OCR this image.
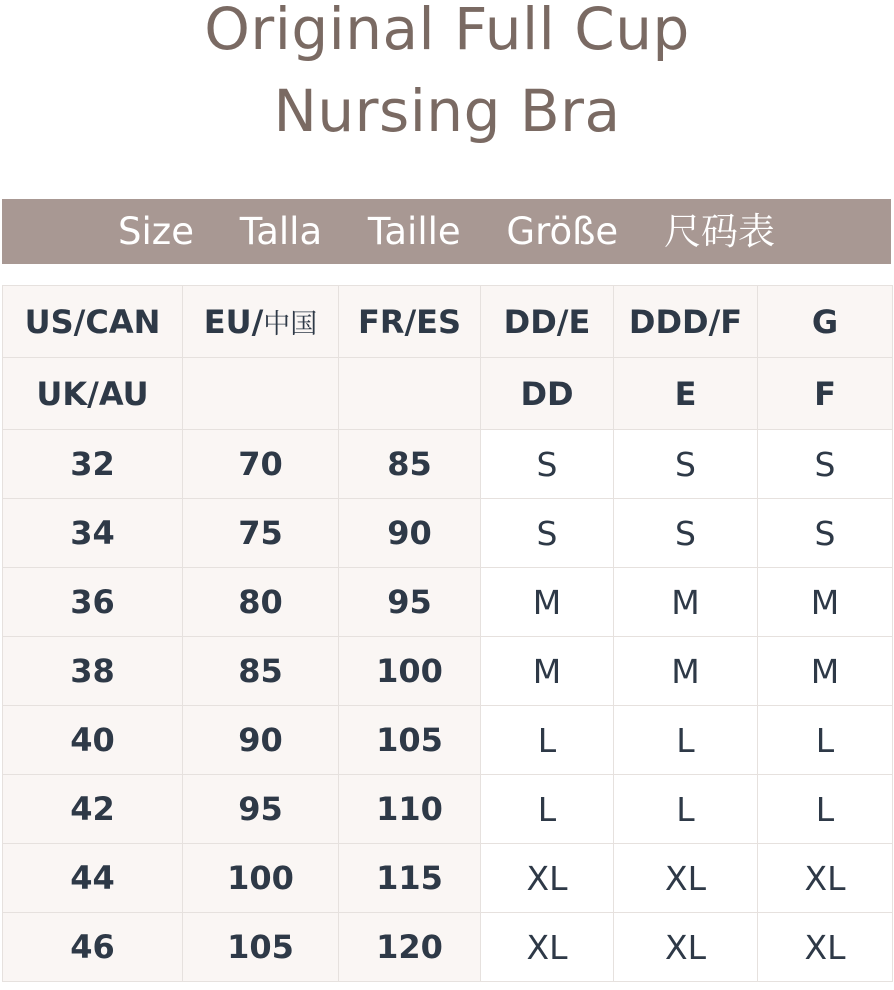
Original Full Cup
Nursing Bra
Size Talla Taille Größe 尺码表
US/CAN	EU/中国	FR/ES	DD/E	DDD/F	G
UK/AU			DD	E	F
32	70	85	S	S	S
34	75	90	S	S	S
36	80	95	M	M	M
38	85	100	M	M	M
40	90	105	L	L	L
42	95	110	L	L	L
44	100	115	XL	XL	XL
46	105	120	XL	XL	XL
